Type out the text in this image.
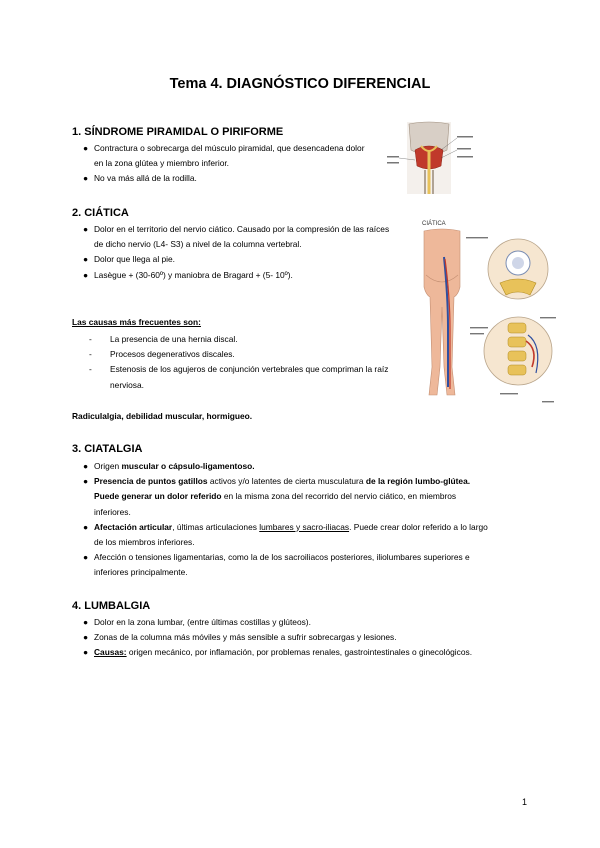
Tema 4. DIAGNÓSTICO DIFERENCIAL
1. SÍNDROME PIRAMIDAL O PIRIFORME
● Contractura o sobrecarga del músculo piramidal, que desencadena dolor en la zona glútea y miembro inferior.
● No va más allá de la rodilla.
2. CIÁTICA
● Dolor en el territorio del nervio ciático. Causado por la compresión de las raíces de dicho nervio (L4- S3) a nivel de la columna vertebral.
● Dolor que llega al pie.
● Lasègue + (30-60º) y maniobra de Bragard + (5- 10º).
CIÁTICA
Las causas más frecuentes son:
- La presencia de una hernia discal.
- Procesos degenerativos discales.
- Estenosis de los agujeros de conjunción vertebrales que compriman la raíz nerviosa.
Radiculalgia, debilidad muscular, hormigueo.
3. CIATALGIA
● Origen muscular o cápsulo-ligamentoso.
● Presencia de puntos gatillos activos y/o latentes de cierta musculatura de la región lumbo-glútea. Puede generar un dolor referido en la misma zona del recorrido del nervio ciático, en miembros inferiores.
● Afectación articular, últimas articulaciones lumbares y sacro-iliacas. Puede crear dolor referido a lo largo de los miembros inferiores.
● Afección o tensiones ligamentarias, como la de los sacroiliacos posteriores, iliolumbares superiores e inferiores principalmente.
4. LUMBALGIA
● Dolor en la zona lumbar, (entre últimas costillas y glúteos).
● Zonas de la columna más móviles y más sensible a sufrir sobrecargas y lesiones.
● Causas: origen mecánico, por inflamación, por problemas renales, gastrointestinales o ginecológicos.
1
